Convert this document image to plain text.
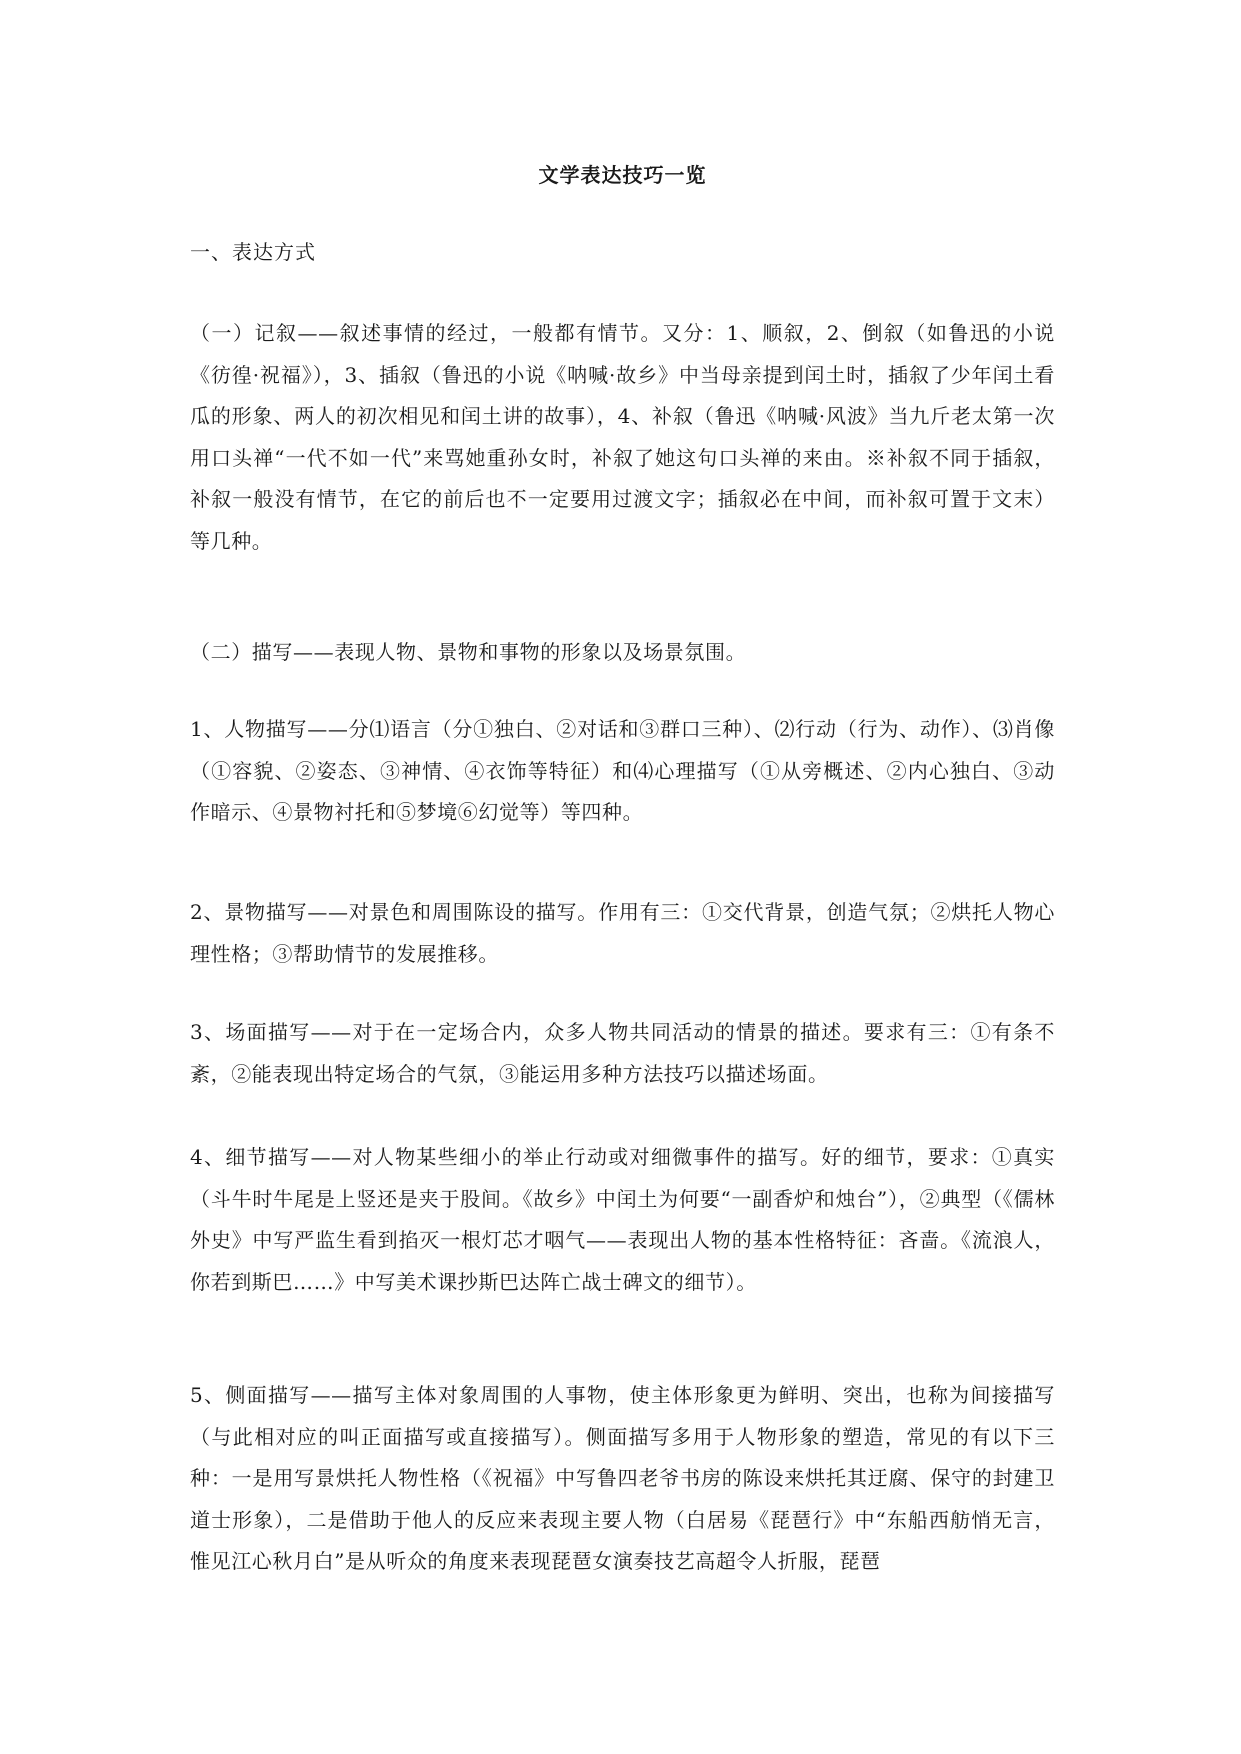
文学表达技巧一览
一、表达方式

（一）记叙——叙述事情的经过，一般都有情节。又分：1、顺叙，2、倒叙（如鲁迅的小说《彷徨·祝福》），3、插叙（鲁迅的小说《呐喊·故乡》中当母亲提到闰土时，插叙了少年闰土看瓜的形象、两人的初次相见和闰土讲的故事），4、补叙（鲁迅《呐喊·风波》当九斤老太第一次用口头禅“一代不如一代”来骂她重孙女时，补叙了她这句口头禅的来由。※补叙不同于插叙，补叙一般没有情节，在它的前后也不一定要用过渡文字；插叙必在中间，而补叙可置于文末）等几种。

（二）描写——表现人物、景物和事物的形象以及场景氛围。

1、人物描写——分⑴语言（分①独白、②对话和③群口三种）、⑵行动（行为、动作）、⑶肖像（①容貌、②姿态、③神情、④衣饰等特征）和⑷心理描写（①从旁概述、②内心独白、③动作暗示、④景物衬托和⑤梦境⑥幻觉等）等四种。

2、景物描写——对景色和周围陈设的描写。作用有三：①交代背景，创造气氛；②烘托人物心理性格；③帮助情节的发展推移。

3、场面描写——对于在一定场合内，众多人物共同活动的情景的描述。要求有三：①有条不紊，②能表现出特定场合的气氛，③能运用多种方法技巧以描述场面。

4、细节描写——对人物某些细小的举止行动或对细微事件的描写。好的细节，要求：①真实（斗牛时牛尾是上竖还是夹于股间。《故乡》中闰土为何要“一副香炉和烛台”），②典型（《儒林外史》中写严监生看到掐灭一根灯芯才咽气——表现出人物的基本性格特征：吝啬。《流浪人，你若到斯巴……》中写美术课抄斯巴达阵亡战士碑文的细节）。

5、侧面描写——描写主体对象周围的人事物，使主体形象更为鲜明、突出，也称为间接描写（与此相对应的叫正面描写或直接描写）。侧面描写多用于人物形象的塑造，常见的有以下三种：一是用写景烘托人物性格（《祝福》中写鲁四老爷书房的陈设来烘托其迂腐、保守的封建卫道士形象），二是借助于他人的反应来表现主要人物（白居易《琵琶行》中“东船西舫悄无言，惟见江心秋月白”是从听众的角度来表现琵琶女演奏技艺高超令人折服，琵琶
